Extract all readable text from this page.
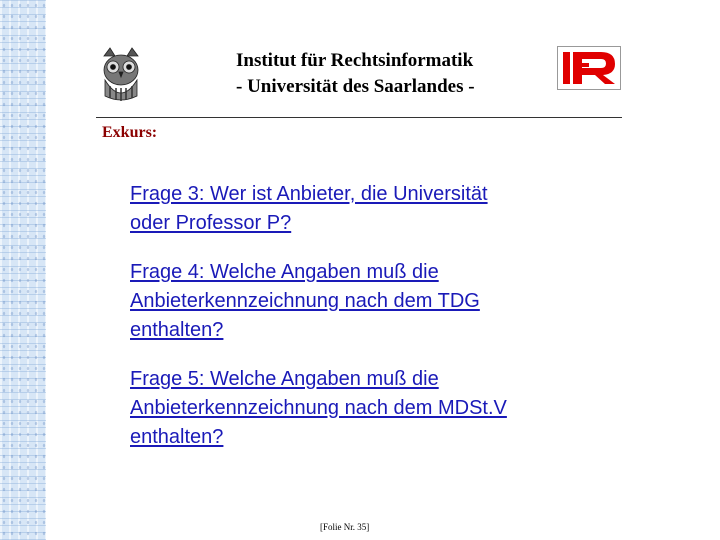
Institut für Rechtsinformatik
- Universität des Saarlandes -
Exkurs:
Frage 3: Wer ist Anbieter, die Universität
oder Professor P?
Frage 4: Welche Angaben muß die
Anbieterkennzeichnung nach dem TDG
enthalten?
Frage 5: Welche Angaben muß die
Anbieterkennzeichnung nach dem MDSt.V
enthalten?
[Folie Nr. 35]
